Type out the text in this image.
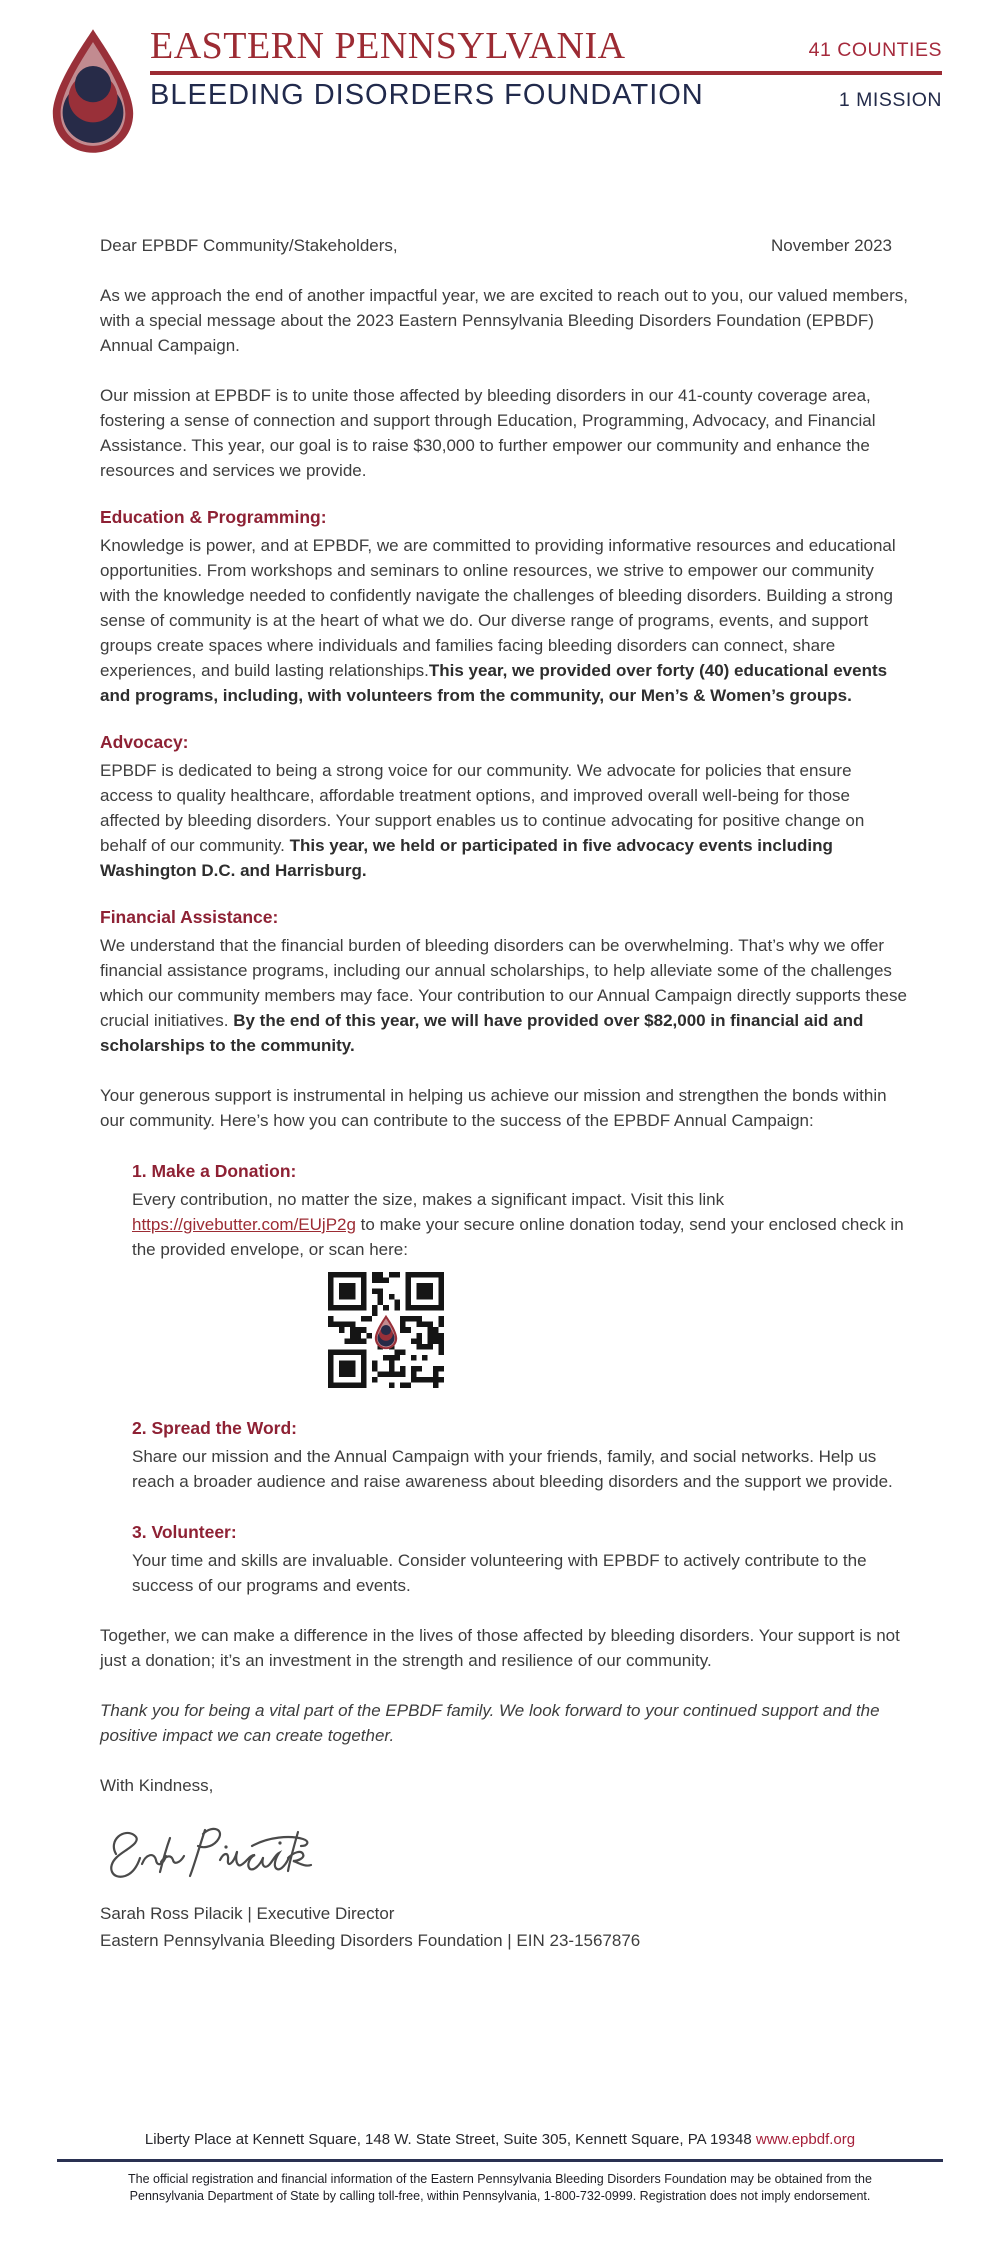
EASTERN PENNSYLVANIA	41 COUNTIES
BLEEDING DISORDERS FOUNDATION	1 MISSION
Dear EPBDF Community/Stakeholders,	November 2023

As we approach the end of another impactful year, we are excited to reach out to you, our valued members, with a special message about the 2023 Eastern Pennsylvania Bleeding Disorders Foundation (EPBDF) Annual Campaign.

Our mission at EPBDF is to unite those affected by bleeding disorders in our 41-county coverage area, fostering a sense of connection and support through Education, Programming, Advocacy, and Financial Assistance. This year, our goal is to raise $30,000 to further empower our community and enhance the resources and services we provide.

Education & Programming:

Knowledge is power, and at EPBDF, we are committed to providing informative resources and educational opportunities. From workshops and seminars to online resources, we strive to empower our community with the knowledge needed to confidently navigate the challenges of bleeding disorders. Building a strong sense of community is at the heart of what we do. Our diverse range of programs, events, and support groups create spaces where individuals and families facing bleeding disorders can connect, share experiences, and build lasting relationships.This year, we provided over forty (40) educational events and programs, including, with volunteers from the community, our Men’s & Women’s groups.

Advocacy:

EPBDF is dedicated to being a strong voice for our community. We advocate for policies that ensure access to quality healthcare, affordable treatment options, and improved overall well-being for those affected by bleeding disorders. Your support enables us to continue advocating for positive change on behalf of our community. This year, we held or participated in five advocacy events including Washington D.C. and Harrisburg.

Financial Assistance:

We understand that the financial burden of bleeding disorders can be overwhelming. That’s why we offer financial assistance programs, including our annual scholarships, to help alleviate some of the challenges which our community members may face. Your contribution to our Annual Campaign directly supports these crucial initiatives. By the end of this year, we will have provided over $82,000 in financial aid and scholarships to the community.

Your generous support is instrumental in helping us achieve our mission and strengthen the bonds within our community. Here’s how you can contribute to the success of the EPBDF Annual Campaign:

1. Make a Donation:

Every contribution, no matter the size, makes a significant impact. Visit this link https://givebutter.com/EUjP2g to make your secure online donation today, send your enclosed check in the provided envelope, or scan here:

2. Spread the Word:

Share our mission and the Annual Campaign with your friends, family, and social networks. Help us reach a broader audience and raise awareness about bleeding disorders and the support we provide.

3. Volunteer:

Your time and skills are invaluable. Consider volunteering with EPBDF to actively contribute to the success of our programs and events.

Together, we can make a difference in the lives of those affected by bleeding disorders. Your support is not just a donation; it’s an investment in the strength and resilience of our community.

Thank you for being a vital part of the EPBDF family. We look forward to your continued support and the positive impact we can create together.

With Kindness,

Sarah Ross Pilacik | Executive Director
Eastern Pennsylvania Bleeding Disorders Foundation | EIN 23-1567876

Liberty Place at Kennett Square, 148 W. State Street, Suite 305, Kennett Square, PA 19348 www.epbdf.org
The official registration and financial information of the Eastern Pennsylvania Bleeding Disorders Foundation may be obtained from the
Pennsylvania Department of State by calling toll-free, within Pennsylvania, 1-800-732-0999. Registration does not imply endorsement.
